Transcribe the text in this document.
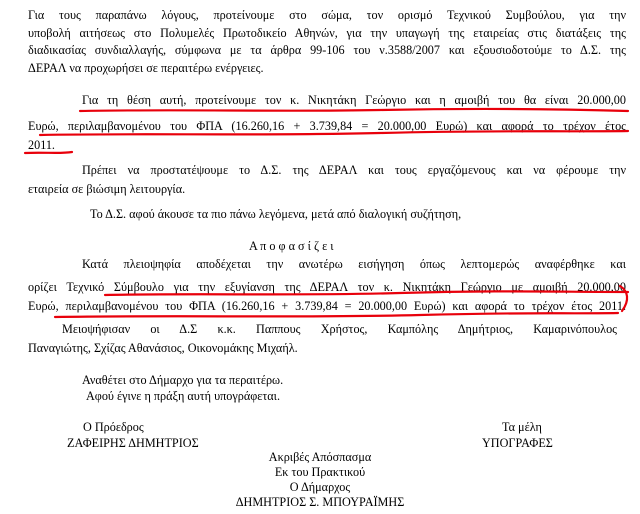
Για τους παραπάνω λόγους, προτείνουμε στο σώμα, τον ορισμό Τεχνικού Συμβούλου, για την
υποβολή αιτήσεως στο Πολυμελές Πρωτοδικείο Αθηνών, για την υπαγωγή της εταιρείας στις διατάξεις της
διαδικασίας συνδιαλλαγής, σύμφωνα με τα άρθρα 99-106 του ν.3588/2007 και εξουσιοδοτούμε το Δ.Σ. της
ΔΕΡΑΛ να προχωρήσει σε περαιτέρω ενέργειες.
Για τη θέση αυτή, προτείνουμε τον κ. Νικητάκη Γεώργιο και η αμοιβή του θα είναι 20.000,00
Ευρώ, περιλαμβανομένου του ΦΠΑ (16.260,16 + 3.739,84 = 20.000,00 Ευρώ) και αφορά το τρέχον έτος
2011.
Πρέπει να προστατέψουμε το Δ.Σ. της ΔΕΡΑΛ και τους εργαζόμενους και να φέρουμε την
εταιρεία σε βιώσιμη λειτουργία.
Το Δ.Σ. αφού άκουσε τα πιο πάνω λεγόμενα, μετά από διαλογική συζήτηση,
Α π ο φ α σ ί ζ ε ι
Κατά πλειοψηφία αποδέχεται την ανωτέρω εισήγηση όπως λεπτομερώς αναφέρθηκε και
ορίζει Τεχνικό Σύμβουλο για την εξυγίανση της ΔΕΡΑΛ τον κ. Νικητάκη Γεώργιο με αμοιβή 20.000,00
Ευρώ, περιλαμβανομένου του ΦΠΑ (16.260,16 + 3.739,84 = 20.000,00 Ευρώ) και αφορά το τρέχον έτος 2011.
Μειοψήφισαν οι Δ.Σ κ.κ. Παππους Χρήστος, Καμπόλης Δημήτριος, Καμαρινόπουλος
Παναγιώτης, Σχίζας Αθανάσιος, Οικονομάκης Μιχαήλ.
Αναθέτει στο Δήμαρχο για τα περαιτέρω.
Αφού έγινε η πράξη αυτή υπογράφεται.
Ο Πρόεδρος
ΖΑΦΕΙΡΗΣ ΔΗΜΗΤΡΙΟΣ
Τα μέλη
ΥΠΟΓΡΑΦΕΣ
Ακριβές Απόσπασμα
Εκ του Πρακτικού
Ο Δήμαρχος
ΔΗΜΗΤΡΙΟΣ Σ. ΜΠΟΥΡΑΪΜΗΣ
